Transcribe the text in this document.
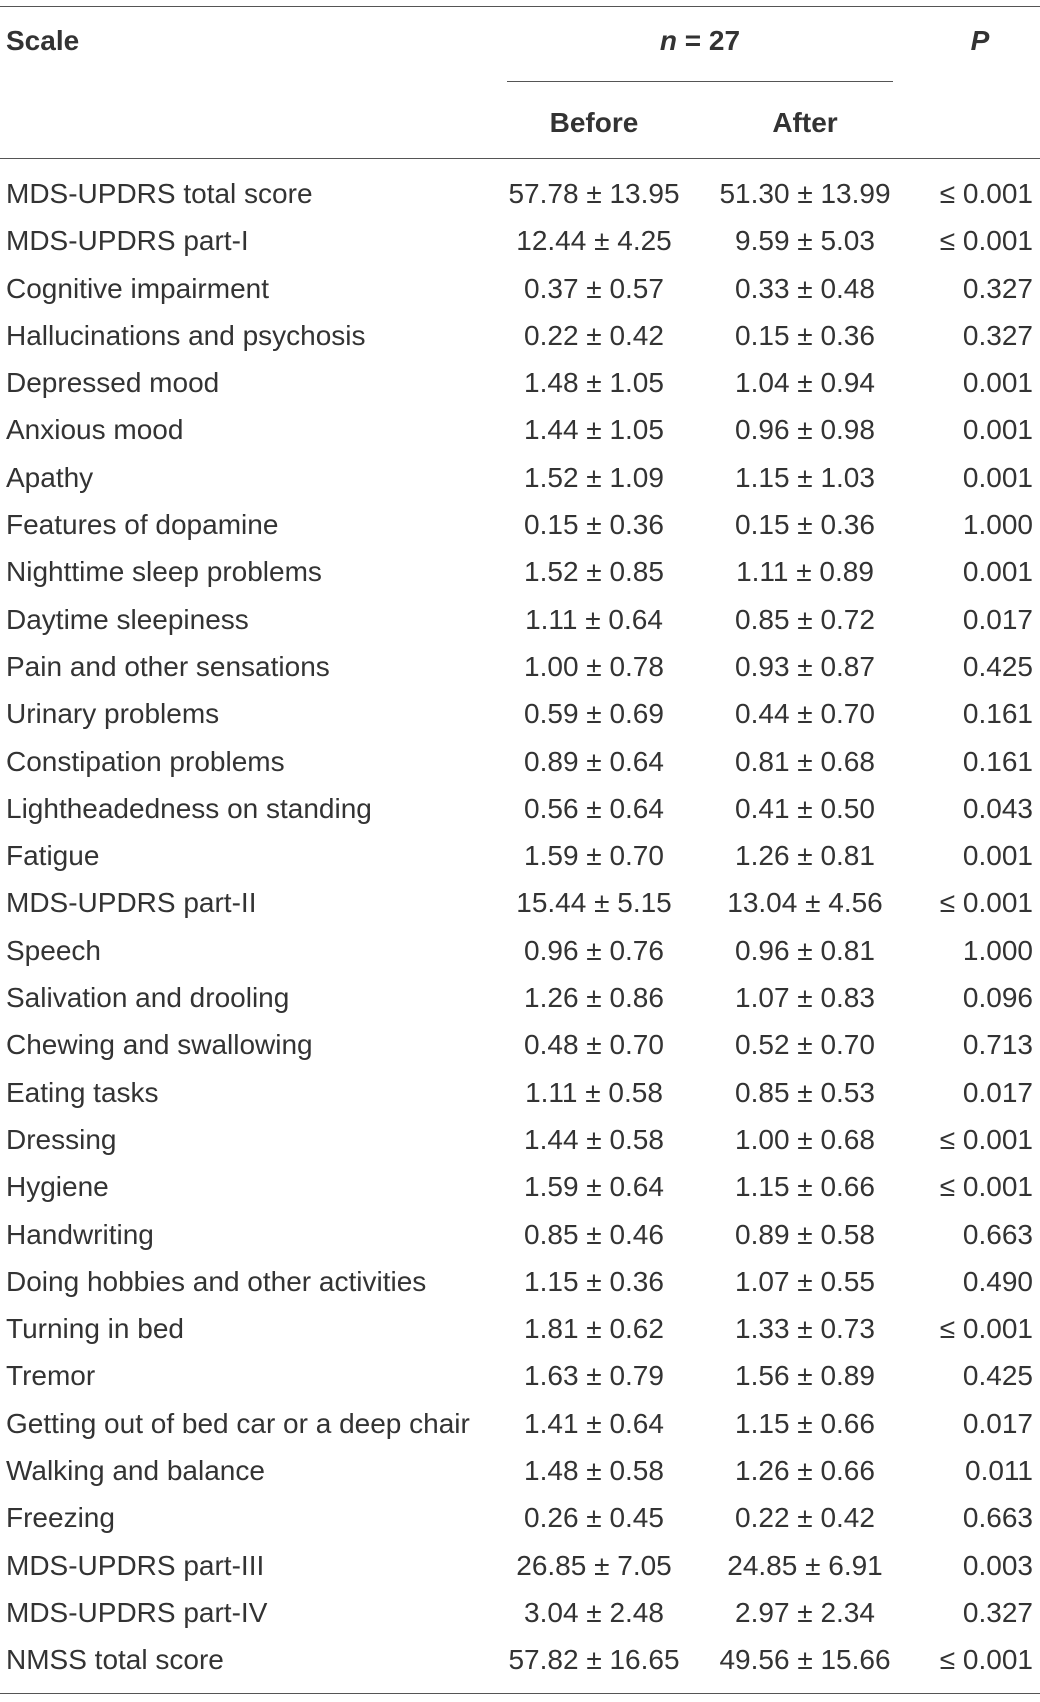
Scale	n = 27	P
Before	After
MDS-UPDRS total score	57.78 ± 13.95	51.30 ± 13.99	≤ 0.001
MDS-UPDRS part-I	12.44 ± 4.25	9.59 ± 5.03	≤ 0.001
Cognitive impairment	0.37 ± 0.57	0.33 ± 0.48	0.327
Hallucinations and psychosis	0.22 ± 0.42	0.15 ± 0.36	0.327
Depressed mood	1.48 ± 1.05	1.04 ± 0.94	0.001
Anxious mood	1.44 ± 1.05	0.96 ± 0.98	0.001
Apathy	1.52 ± 1.09	1.15 ± 1.03	0.001
Features of dopamine	0.15 ± 0.36	0.15 ± 0.36	1.000
Nighttime sleep problems	1.52 ± 0.85	1.11 ± 0.89	0.001
Daytime sleepiness	1.11 ± 0.64	0.85 ± 0.72	0.017
Pain and other sensations	1.00 ± 0.78	0.93 ± 0.87	0.425
Urinary problems	0.59 ± 0.69	0.44 ± 0.70	0.161
Constipation problems	0.89 ± 0.64	0.81 ± 0.68	0.161
Lightheadedness on standing	0.56 ± 0.64	0.41 ± 0.50	0.043
Fatigue	1.59 ± 0.70	1.26 ± 0.81	0.001
MDS-UPDRS part-II	15.44 ± 5.15	13.04 ± 4.56	≤ 0.001
Speech	0.96 ± 0.76	0.96 ± 0.81	1.000
Salivation and drooling	1.26 ± 0.86	1.07 ± 0.83	0.096
Chewing and swallowing	0.48 ± 0.70	0.52 ± 0.70	0.713
Eating tasks	1.11 ± 0.58	0.85 ± 0.53	0.017
Dressing	1.44 ± 0.58	1.00 ± 0.68	≤ 0.001
Hygiene	1.59 ± 0.64	1.15 ± 0.66	≤ 0.001
Handwriting	0.85 ± 0.46	0.89 ± 0.58	0.663
Doing hobbies and other activities	1.15 ± 0.36	1.07 ± 0.55	0.490
Turning in bed	1.81 ± 0.62	1.33 ± 0.73	≤ 0.001
Tremor	1.63 ± 0.79	1.56 ± 0.89	0.425
Getting out of bed car or a deep chair	1.41 ± 0.64	1.15 ± 0.66	0.017
Walking and balance	1.48 ± 0.58	1.26 ± 0.66	0.011
Freezing	0.26 ± 0.45	0.22 ± 0.42	0.663
MDS-UPDRS part-III	26.85 ± 7.05	24.85 ± 6.91	0.003
MDS-UPDRS part-IV	3.04 ± 2.48	2.97 ± 2.34	0.327
NMSS total score	57.82 ± 16.65	49.56 ± 15.66	≤ 0.001
